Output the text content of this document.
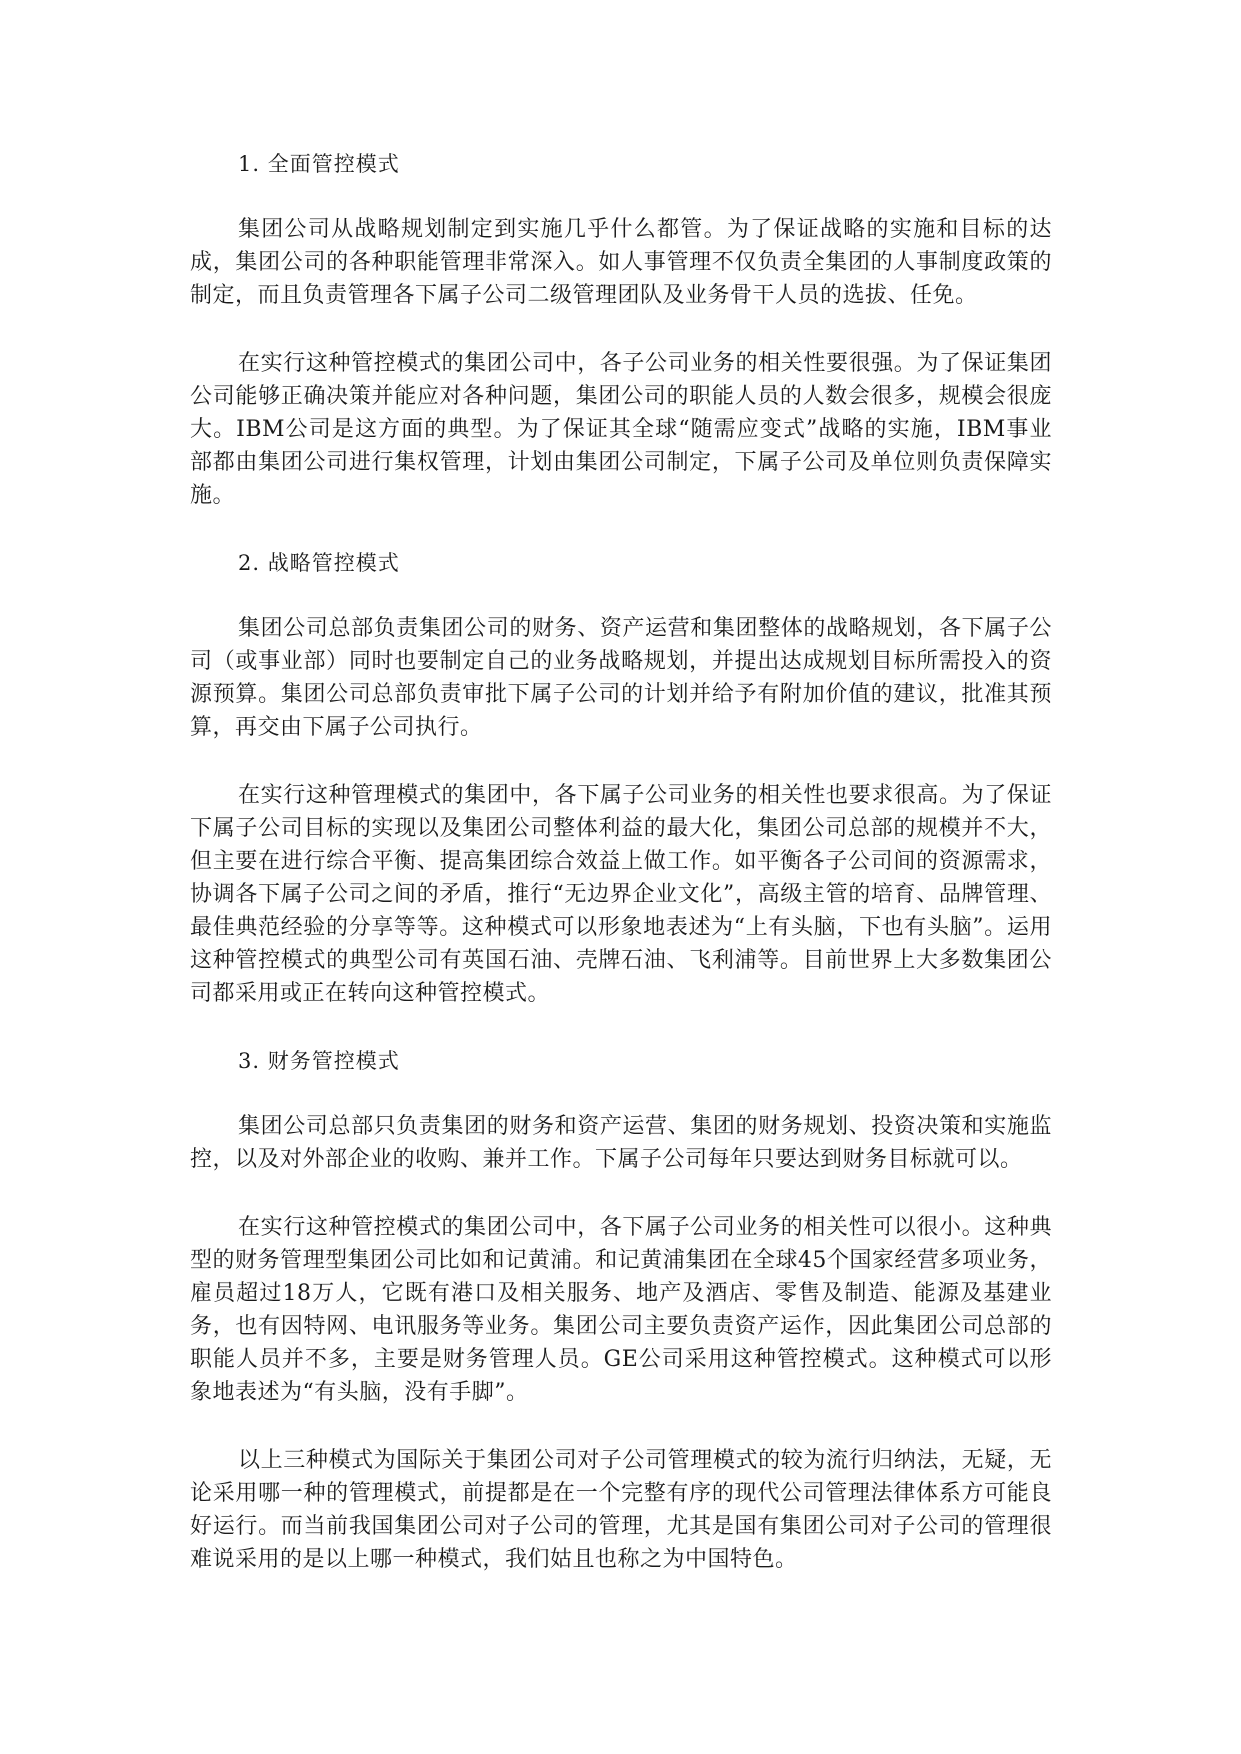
1. 全面管控模式

集团公司从战略规划制定到实施几乎什么都管。为了保证战略的实施和目标的达成，集团公司的各种职能管理非常深入。如人事管理不仅负责全集团的人事制度政策的制定，而且负责管理各下属子公司二级管理团队及业务骨干人员的选拔、任免。

在实行这种管控模式的集团公司中，各子公司业务的相关性要很强。为了保证集团公司能够正确决策并能应对各种问题，集团公司的职能人员的人数会很多，规模会很庞大。IBM公司是这方面的典型。为了保证其全球“随需应变式”战略的实施，IBM事业部都由集团公司进行集权管理，计划由集团公司制定，下属子公司及单位则负责保障实施。

2. 战略管控模式

集团公司总部负责集团公司的财务、资产运营和集团整体的战略规划，各下属子公司（或事业部）同时也要制定自己的业务战略规划，并提出达成规划目标所需投入的资源预算。集团公司总部负责审批下属子公司的计划并给予有附加价值的建议，批准其预算，再交由下属子公司执行。

在实行这种管理模式的集团中，各下属子公司业务的相关性也要求很高。为了保证下属子公司目标的实现以及集团公司整体利益的最大化，集团公司总部的规模并不大，但主要在进行综合平衡、提高集团综合效益上做工作。如平衡各子公司间的资源需求，协调各下属子公司之间的矛盾，推行“无边界企业文化”，高级主管的培育、品牌管理、最佳典范经验的分享等等。这种模式可以形象地表述为“上有头脑，下也有头脑”。运用这种管控模式的典型公司有英国石油、壳牌石油、飞利浦等。目前世界上大多数集团公司都采用或正在转向这种管控模式。

3. 财务管控模式

集团公司总部只负责集团的财务和资产运营、集团的财务规划、投资决策和实施监控，以及对外部企业的收购、兼并工作。下属子公司每年只要达到财务目标就可以。

在实行这种管控模式的集团公司中，各下属子公司业务的相关性可以很小。这种典型的财务管理型集团公司比如和记黄浦。和记黄浦集团在全球45个国家经营多项业务，雇员超过18万人，它既有港口及相关服务、地产及酒店、零售及制造、能源及基建业务，也有因特网、电讯服务等业务。集团公司主要负责资产运作，因此集团公司总部的职能人员并不多，主要是财务管理人员。GE公司采用这种管控模式。这种模式可以形象地表述为“有头脑，没有手脚”。

以上三种模式为国际关于集团公司对子公司管理模式的较为流行归纳法，无疑，无论采用哪一种的管理模式，前提都是在一个完整有序的现代公司管理法律体系方可能良好运行。而当前我国集团公司对子公司的管理，尤其是国有集团公司对子公司的管理很难说采用的是以上哪一种模式，我们姑且也称之为中国特色。
